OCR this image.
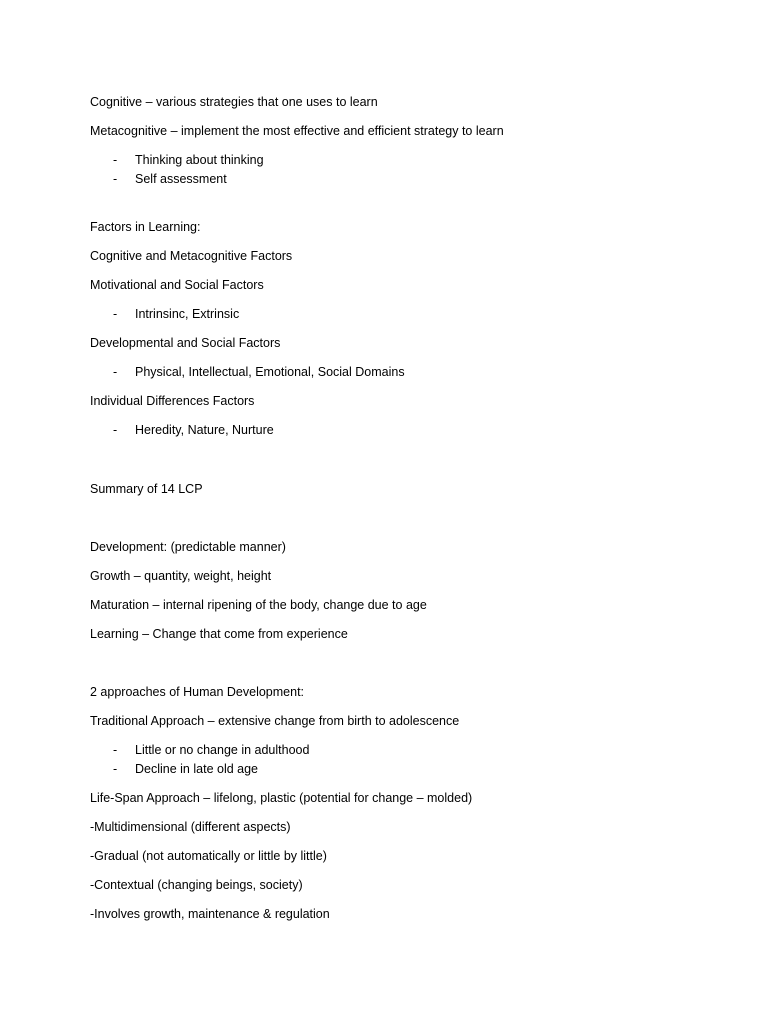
Cognitive – various strategies that one uses to learn
Metacognitive – implement the most effective and efficient strategy to learn
- Thinking about thinking
- Self assessment
Factors in Learning:
Cognitive and Metacognitive Factors
Motivational and Social Factors
- Intrinsinc, Extrinsic
Developmental and Social Factors
- Physical, Intellectual, Emotional, Social Domains
Individual Differences Factors
- Heredity, Nature, Nurture
Summary of 14 LCP
Development: (predictable manner)
Growth – quantity, weight, height
Maturation – internal ripening of the body, change due to age
Learning – Change that come from experience
2 approaches of Human Development:
Traditional Approach – extensive change from birth to adolescence
- Little or no change in adulthood
- Decline in late old age
Life-Span Approach – lifelong, plastic (potential for change – molded)
-Multidimensional (different aspects)
-Gradual (not automatically or little by little)
-Contextual (changing beings, society)
-Involves growth, maintenance & regulation
